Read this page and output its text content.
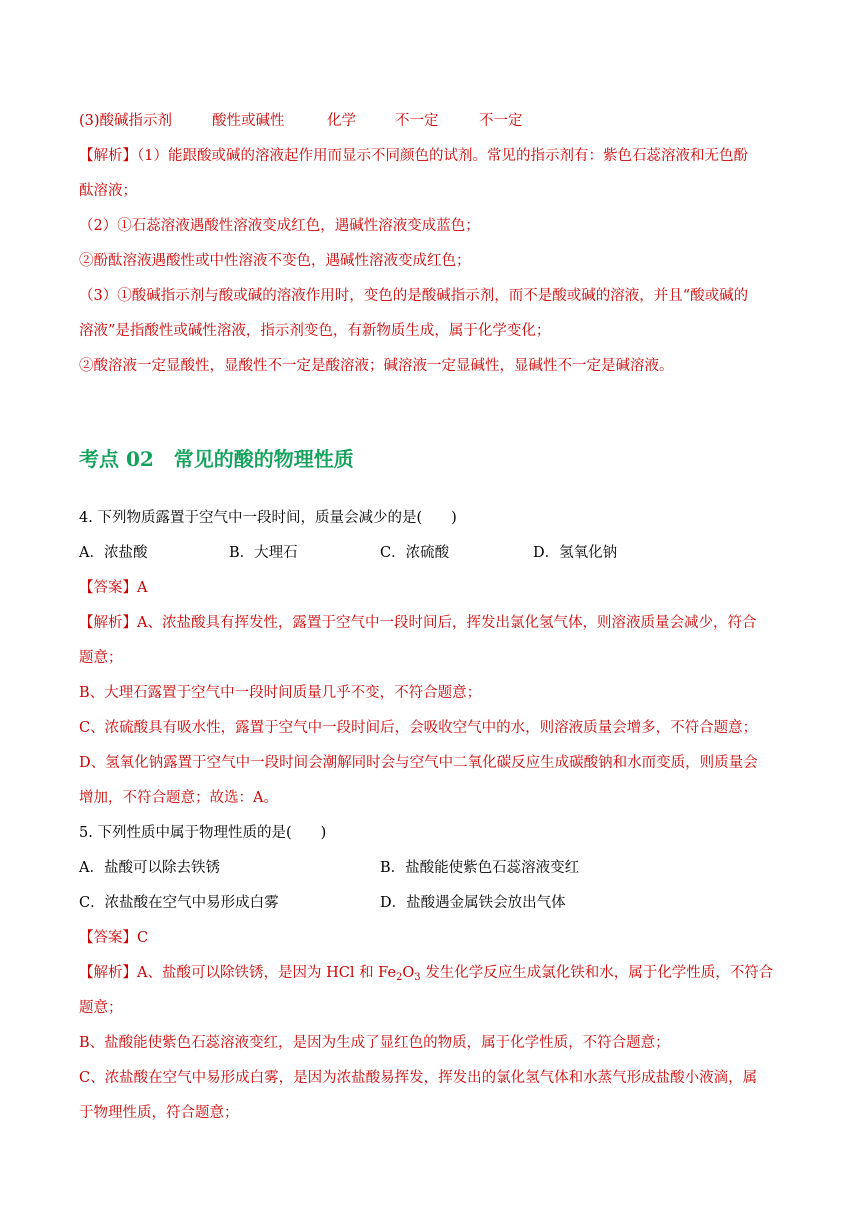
(3)酸碱指示剂	酸性或碱性	化学	不一定	不一定
【解析】（1）能跟酸或碱的溶液起作用而显示不同颜色的试剂。常见的指示剂有：紫色石蕊溶液和无色酚
酞溶液；
（2）①石蕊溶液遇酸性溶液变成红色，遇碱性溶液变成蓝色；
②酚酞溶液遇酸性或中性溶液不变色，遇碱性溶液变成红色；
（3）①酸碱指示剂与酸或碱的溶液作用时，变色的是酸碱指示剂，而不是酸或碱的溶液，并且“酸或碱的
溶液”是指酸性或碱性溶液，指示剂变色，有新物质生成，属于化学变化；
②酸溶液一定显酸性，显酸性不一定是酸溶液；碱溶液一定显碱性，显碱性不一定是碱溶液。
考点 02　常见的酸的物理性质
4. 下列物质露置于空气中一段时间，质量会减少的是(　　)
A．浓盐酸	B．大理石	C．浓硫酸	D．氢氧化钠
【答案】A
【解析】A、浓盐酸具有挥发性，露置于空气中一段时间后，挥发出氯化氢气体，则溶液质量会减少，符合
题意；
B、大理石露置于空气中一段时间质量几乎不变，不符合题意；
C、浓硫酸具有吸水性，露置于空气中一段时间后，会吸收空气中的水，则溶液质量会增多，不符合题意；
D、氢氧化钠露置于空气中一段时间会潮解同时会与空气中二氧化碳反应生成碳酸钠和水而变质，则质量会
增加，不符合题意；故选：A。
5. 下列性质中属于物理性质的是(　　)
A．盐酸可以除去铁锈	B．盐酸能使紫色石蕊溶液变红
C．浓盐酸在空气中易形成白雾	D．盐酸遇金属铁会放出气体
【答案】C
【解析】A、盐酸可以除铁锈，是因为 HCl 和 $Fe_2O_3$ 发生化学反应生成氯化铁和水，属于化学性质，不符合
题意；
B、盐酸能使紫色石蕊溶液变红，是因为生成了显红色的物质，属于化学性质，不符合题意；
C、浓盐酸在空气中易形成白雾，是因为浓盐酸易挥发，挥发出的氯化氢气体和水蒸气形成盐酸小液滴，属
于物理性质，符合题意；
